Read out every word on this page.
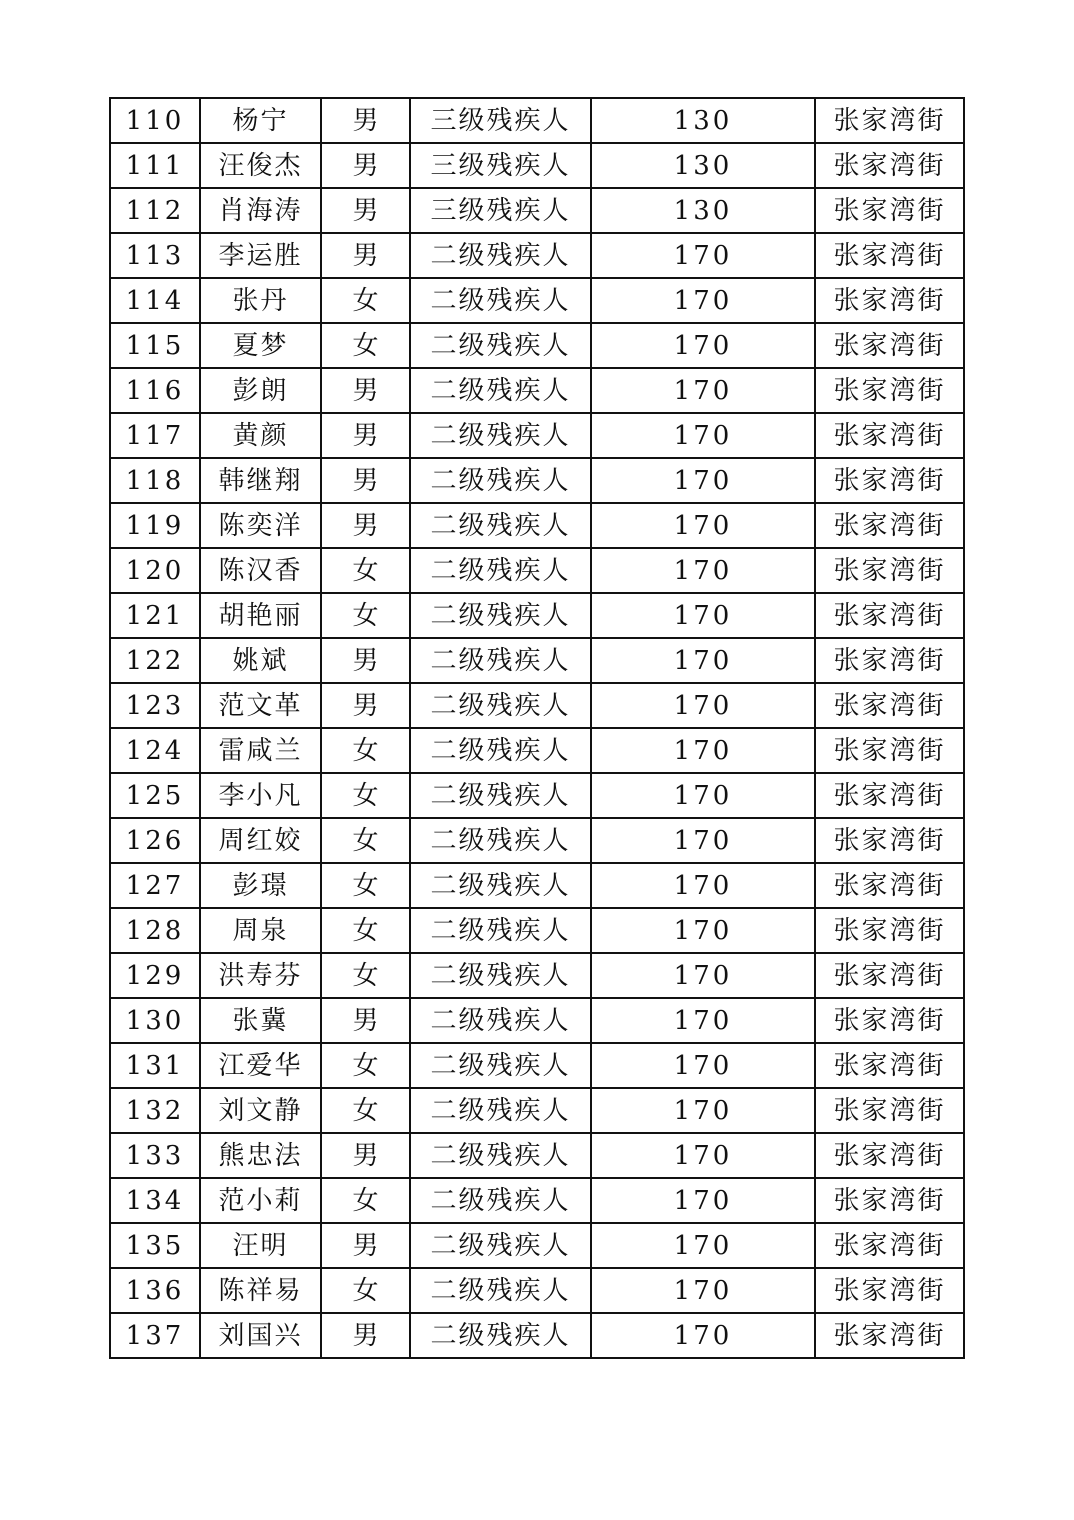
110	杨宁	男	三级残疾人	130	张家湾街
111	汪俊杰	男	三级残疾人	130	张家湾街
112	肖海涛	男	三级残疾人	130	张家湾街
113	李运胜	男	二级残疾人	170	张家湾街
114	张丹	女	二级残疾人	170	张家湾街
115	夏梦	女	二级残疾人	170	张家湾街
116	彭朗	男	二级残疾人	170	张家湾街
117	黄颜	男	二级残疾人	170	张家湾街
118	韩继翔	男	二级残疾人	170	张家湾街
119	陈奕洋	男	二级残疾人	170	张家湾街
120	陈汉香	女	二级残疾人	170	张家湾街
121	胡艳丽	女	二级残疾人	170	张家湾街
122	姚斌	男	二级残疾人	170	张家湾街
123	范文革	男	二级残疾人	170	张家湾街
124	雷咸兰	女	二级残疾人	170	张家湾街
125	李小凡	女	二级残疾人	170	张家湾街
126	周红姣	女	二级残疾人	170	张家湾街
127	彭璟	女	二级残疾人	170	张家湾街
128	周泉	女	二级残疾人	170	张家湾街
129	洪寿芬	女	二级残疾人	170	张家湾街
130	张冀	男	二级残疾人	170	张家湾街
131	江爱华	女	二级残疾人	170	张家湾街
132	刘文静	女	二级残疾人	170	张家湾街
133	熊忠法	男	二级残疾人	170	张家湾街
134	范小莉	女	二级残疾人	170	张家湾街
135	汪明	男	二级残疾人	170	张家湾街
136	陈祥易	女	二级残疾人	170	张家湾街
137	刘国兴	男	二级残疾人	170	张家湾街
